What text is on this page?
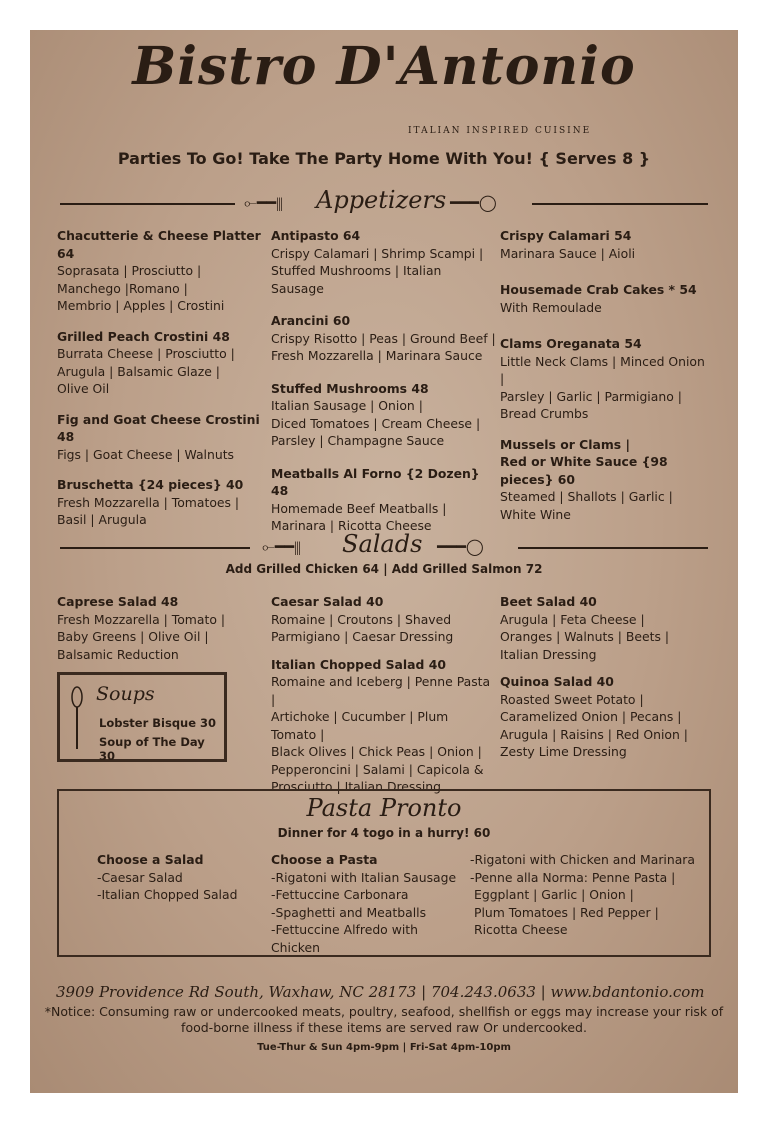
Bistro D'Antonio
ITALIAN INSPIRED CUISINE
Parties To Go! Take The Party Home With You! { Serves 8 }
⟜━━⦀ Appetizers ━━━◯
Chacutterie & Cheese Platter 64
Soprasata | Prosciutto |
Manchego |Romano |
Membrio | Apples | Crostini
Grilled Peach Crostini 48
Burrata Cheese | Prosciutto |
Arugula | Balsamic Glaze |
Olive Oil
Fig and Goat Cheese Crostini 48
Figs | Goat Cheese | Walnuts
Bruschetta {24 pieces} 40
Fresh Mozzarella | Tomatoes |
Basil | Arugula
Antipasto 64
Crispy Calamari | Shrimp Scampi |
Stuffed Mushrooms | Italian Sausage
Arancini 60
Crispy Risotto | Peas | Ground Beef |
Fresh Mozzarella | Marinara Sauce
Stuffed Mushrooms 48
Italian Sausage | Onion |
Diced Tomatoes | Cream Cheese |
Parsley | Champagne Sauce
Meatballs Al Forno {2 Dozen} 48
Homemade Beef Meatballs |
Marinara | Ricotta Cheese
Crispy Calamari 54
Marinara Sauce | Aioli
Housemade Crab Cakes * 54
With Remoulade
Clams Oreganata 54
Little Neck Clams | Minced Onion |
Parsley | Garlic | Parmigiano |
Bread Crumbs
Mussels or Clams |
Red or White Sauce {98 pieces} 60
Steamed | Shallots | Garlic |
White Wine
⟜━━⦀ Salads ━━━◯
Add Grilled Chicken 64 | Add Grilled Salmon 72
Caprese Salad 48
Fresh Mozzarella | Tomato |
Baby Greens | Olive Oil |
Balsamic Reduction
Caesar Salad 40
Romaine | Croutons | Shaved
Parmigiano | Caesar Dressing
Italian Chopped Salad 40
Romaine and Iceberg | Penne Pasta |
Artichoke | Cucumber | Plum Tomato |
Black Olives | Chick Peas | Onion |
Pepperoncini | Salami | Capicola &
Prosciutto | Italian Dressing
Beet Salad 40
Arugula | Feta Cheese |
Oranges | Walnuts | Beets |
Italian Dressing
Quinoa Salad 40
Roasted Sweet Potato |
Caramelized Onion | Pecans |
Arugula | Raisins | Red Onion |
Zesty Lime Dressing
Soups
Lobster Bisque 30
Soup of The Day 30
Pasta Pronto
Dinner for 4 togo in a hurry! 60
Choose a Salad
-Caesar Salad
-Italian Chopped Salad
Choose a Pasta
-Rigatoni with Italian Sausage
-Fettuccine Carbonara
-Spaghetti and Meatballs
-Fettuccine Alfredo with Chicken
-Rigatoni with Chicken and Marinara
-Penne alla Norma: Penne Pasta |
Eggplant | Garlic | Onion |
Plum Tomatoes | Red Pepper |
Ricotta Cheese
3909 Providence Rd South, Waxhaw, NC 28173 | 704.243.0633 | www.bdantonio.com
*Notice: Consuming raw or undercooked meats, poultry, seafood, shellfish or eggs may increase your risk of food-borne illness if these items are served raw Or undercooked.
Tue-Thur & Sun 4pm-9pm | Fri-Sat 4pm-10pm
